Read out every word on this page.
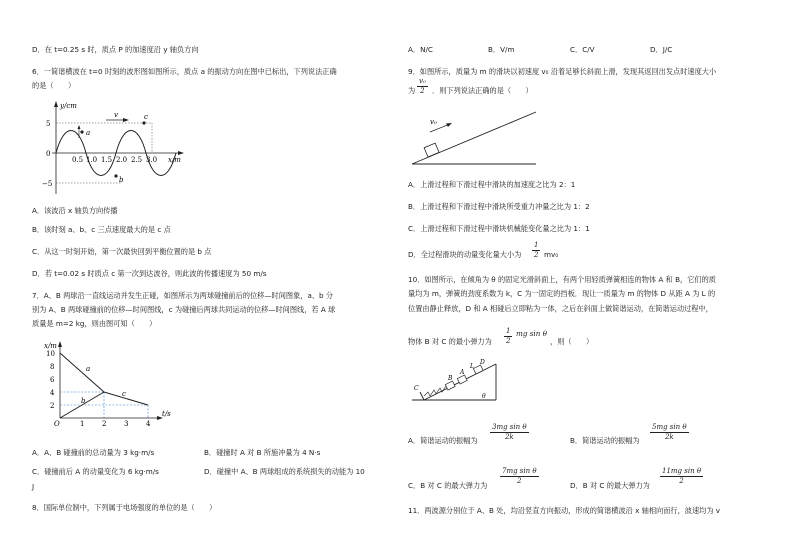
D．在 t=0.25 s 时，质点 P 的加速度沿 y 轴负方向
6．一简谐横波在 t=0 时刻的波形图如图所示，质点 a 的振动方向在图中已标出，下列说法正确
的是（　　）
y/cm
x/m
5
0
−5
0.5 1.0 1.5 2.0 2.5 3.0
a
b
c
v
A．该波沿 x 轴负方向传播
B．该时刻 a、b、c 三点速度最大的是 c 点
C．从这一时刻开始，第一次最快回到平衡位置的是 b 点
D．若 t=0.02 s 时质点 c 第一次到达波谷，则此波的传播速度为 50 m/s
7．A、B 两球沿一直线运动并发生正碰，如图所示为两球碰撞前后的位移—时间图象，a、b 分
别为 A、B 两球碰撞前的位移—时间图线，c 为碰撞后两球共同运动的位移—时间图线，若 A 球
质量是 m=2 kg，则由图可知（　　）
x/m
t/s
O
10
8
6
4
2
1	2	3	4
a
b
c
A．A、B 碰撞前的总动量为 3 kg·m/s	B．碰撞时 A 对 B 所施冲量为 4 N·s
C．碰撞前后 A 的动量变化为 6 kg·m/s	D．碰撞中 A、B 两球组成的系统损失的动能为 10
J
8．国际单位制中，下列属于电场强度的单位的是（　　）
A．N/C	B．V/m	C．C/V	D．J/C
9．如图所示，质量为 m 的滑块以初速度 v₀ 沿着足够长斜面上滑，发现其返回出发点时速度大小
为 $\frac{\text{v₀}}{2}$ ．则下列说法正确的是（　　）
v₀
A．上滑过程和下滑过程中滑块的加速度之比为 2：1
B．上滑过程和下滑过程中滑块所受重力冲量之比为 1：2
C．上滑过程和下滑过程中滑块机械能变化量之比为 1：1
D．全过程滑块的动量变化量大小为 $\frac{1}{2} mv_0$
10．如图所示，在倾角为 θ 的固定光滑斜面上，有两个用轻质弹簧相连的物体 A 和 B，它们的质
量均为 m，弹簧的劲度系数为 k，C 为一固定的挡板．现让一质量为 m 的物体 D 从距 A 为 L 的
位置由静止释放，D 和 A 相碰后立即粘为一体，之后在斜面上做简谐运动，在简谐运动过程中，
物体 B 对 C 的最小弹力为 $\frac{1}{2}$ mg sin θ
，则（　　）
C
B
A
L
D
θ
A．简谐运动的振幅为 $\frac{\text{3mg sin θ}}{2k}$	B．简谐运动的振幅为 $\frac{\text{5mg sin θ}}{2k}$
C．B 对 C 的最大弹力为 $\frac{\text{7mg sin θ}}{2}$	D．B 对 C 的最大弹力为 $\frac{\text{11mg sin θ}}{2}$
11．两波源分别位于 A、B 处，均沿竖直方向振动，形成的简谐横波沿 x 轴相向而行，波速均为 v
